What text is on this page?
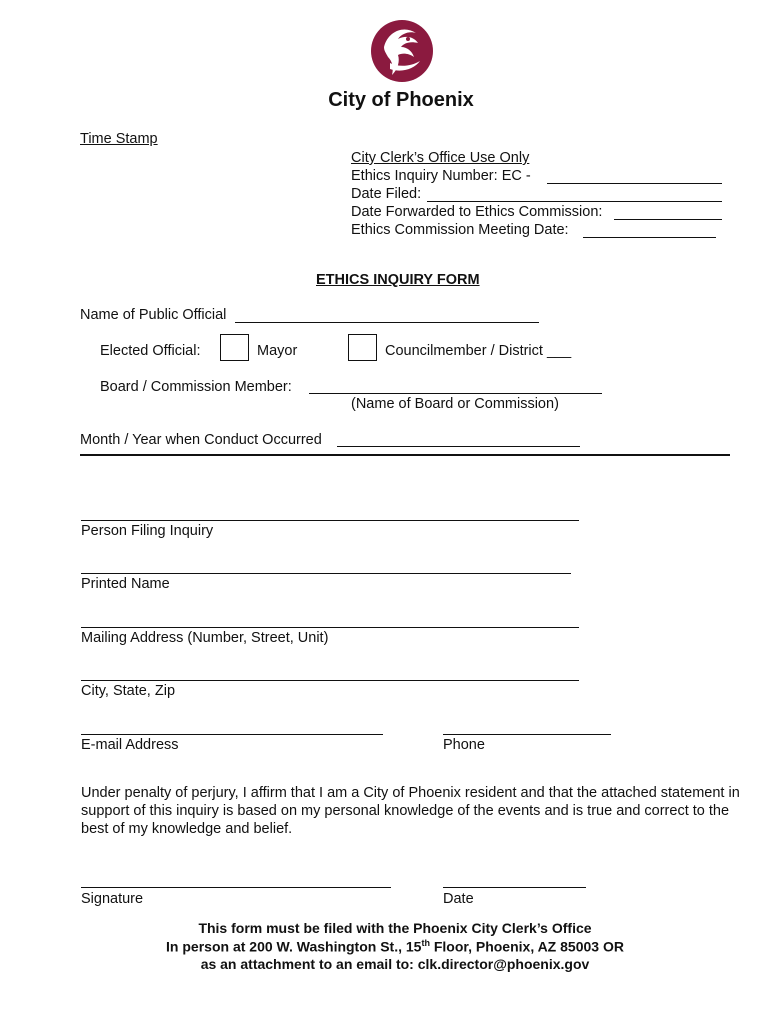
City of Phoenix
Time Stamp
City Clerk’s Office Use Only
Ethics Inquiry Number: EC -
Date Filed:
Date Forwarded to Ethics Commission:
Ethics Commission Meeting Date:
ETHICS INQUIRY FORM
Name of Public Official
Elected Official:	Mayor	Councilmember / District ___
Board / Commission Member:
(Name of Board or Commission)
Month / Year when Conduct Occurred
Person Filing Inquiry
Printed Name
Mailing Address (Number, Street, Unit)
City, State, Zip
E-mail Address	Phone
Under penalty of perjury, I affirm that I am a City of Phoenix resident and that the attached statement in support of this inquiry is based on my personal knowledge of the events and is true and correct to the best of my knowledge and belief.
Signature	Date
This form must be filed with the Phoenix City Clerk’s Office
In person at 200 W. Washington St., 15th Floor, Phoenix, AZ 85003 OR
as an attachment to an email to: clk.director@phoenix.gov
